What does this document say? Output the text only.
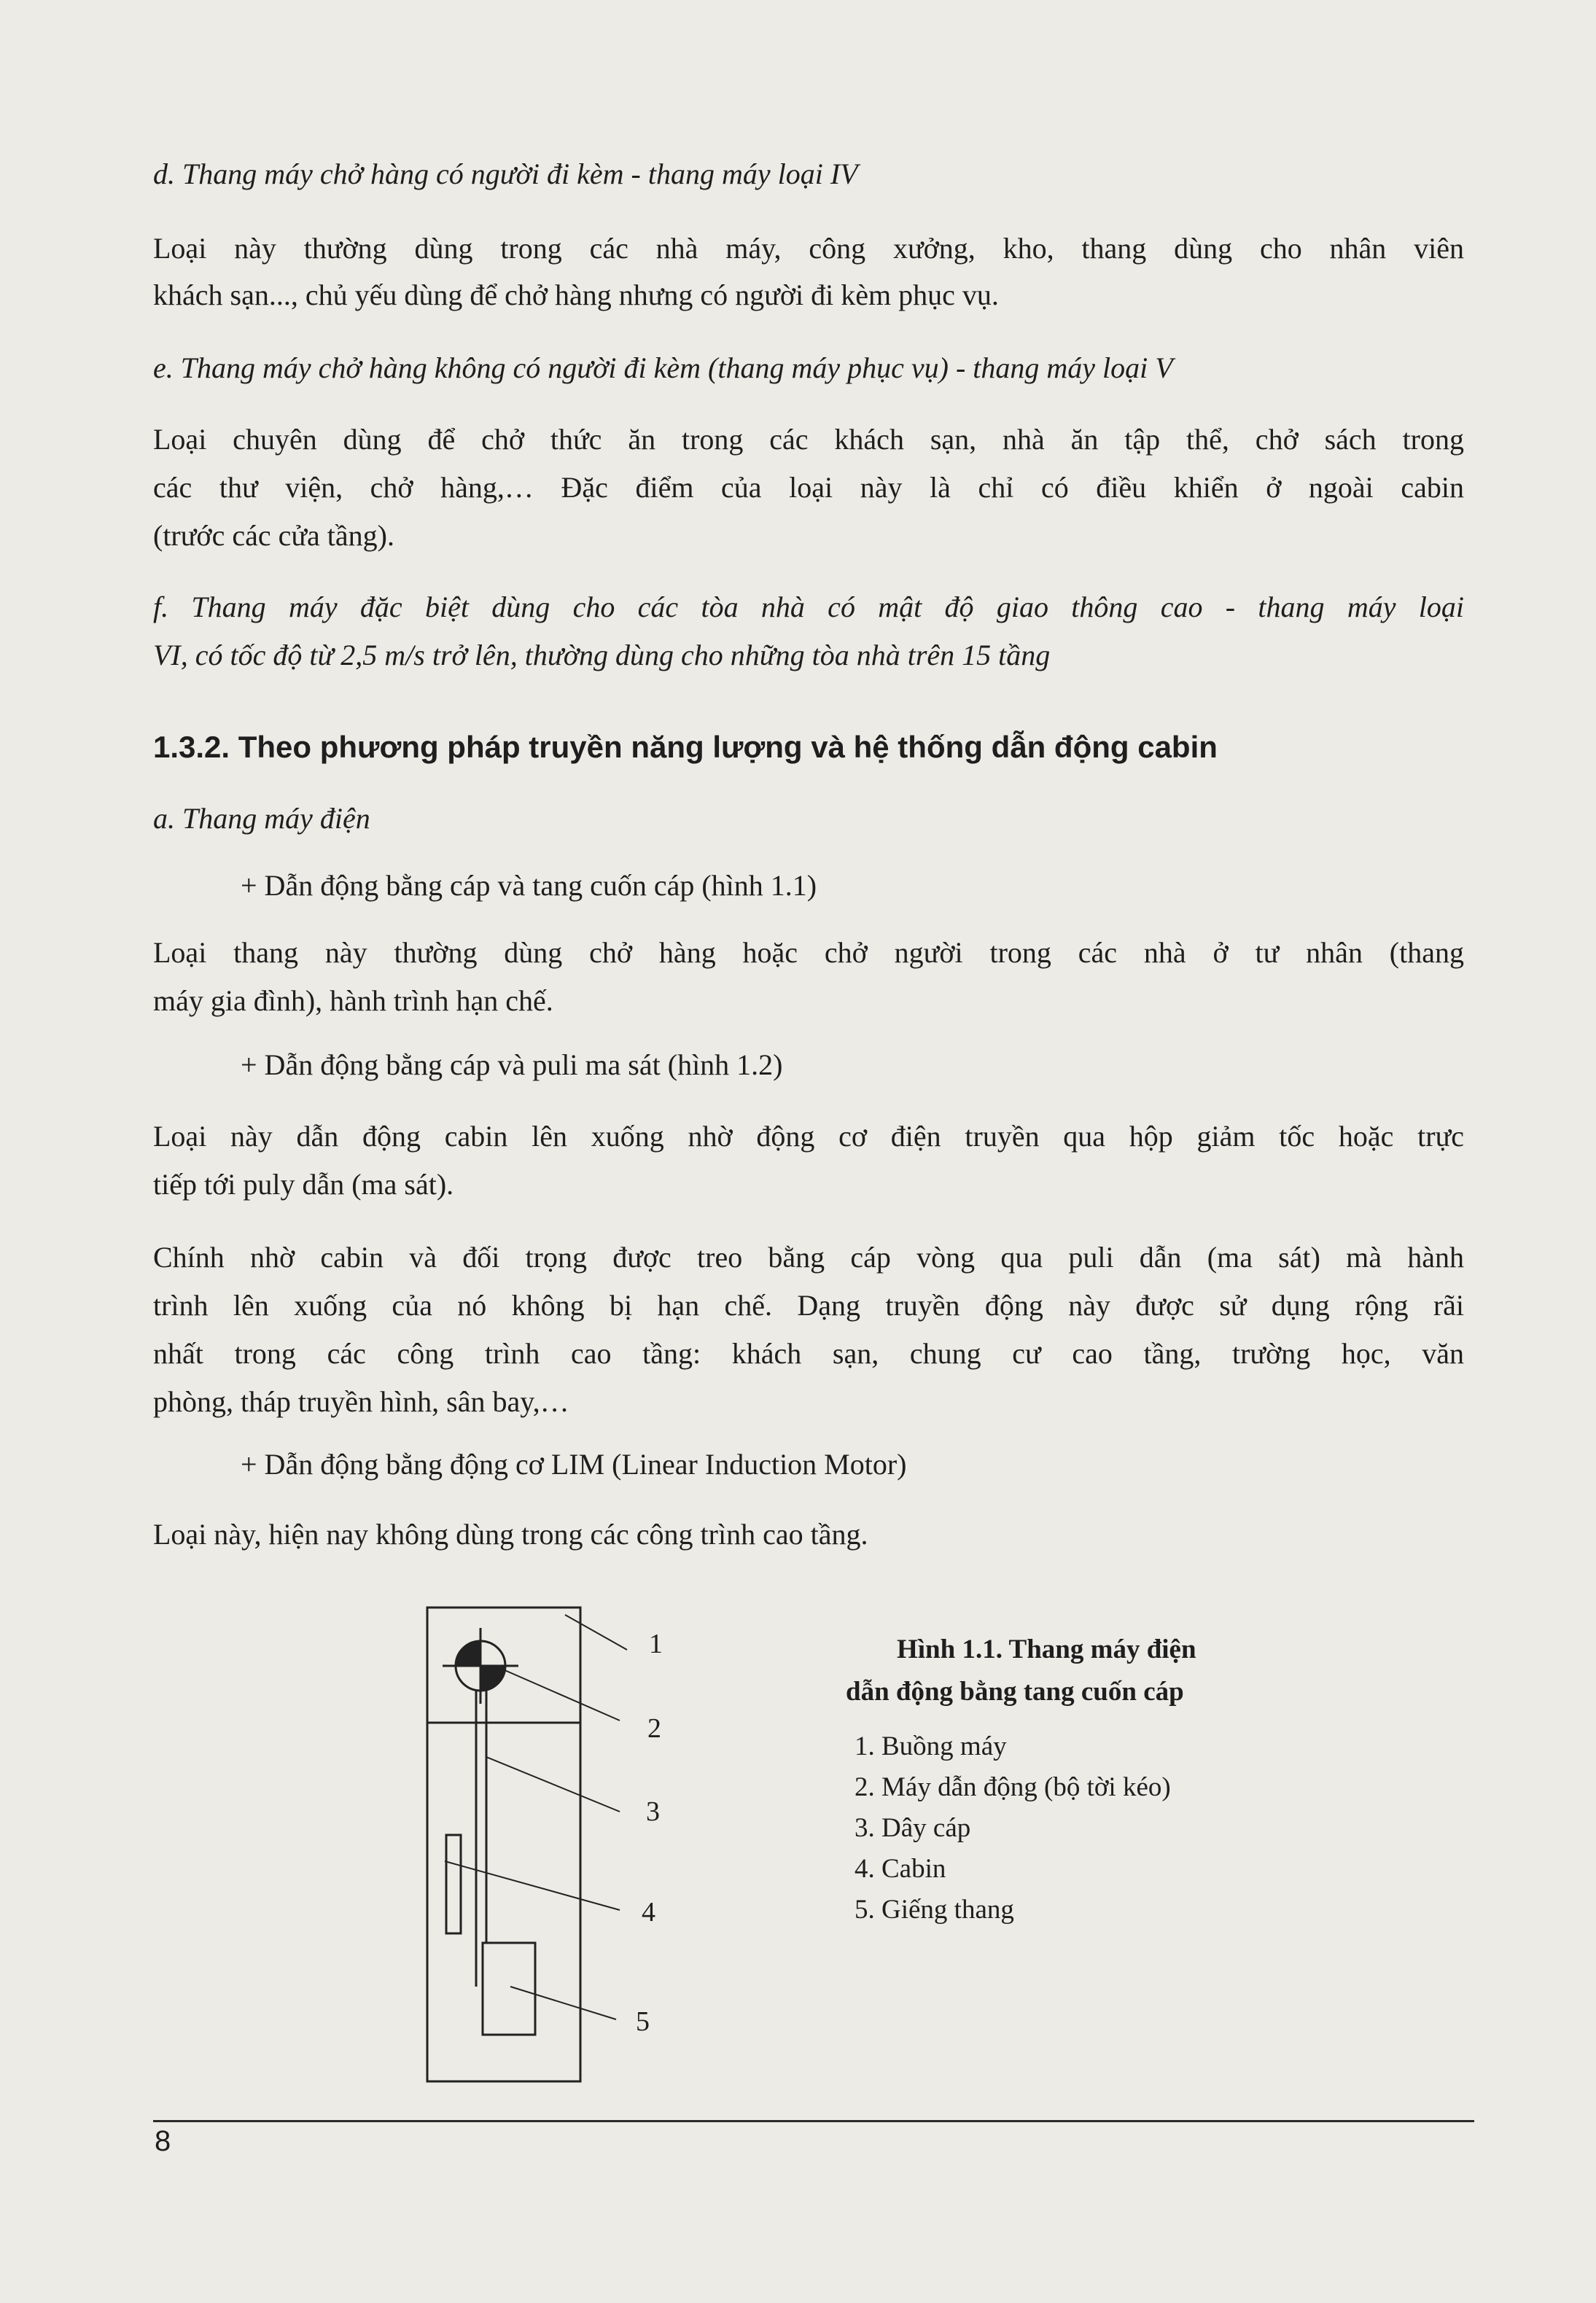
d. Thang máy chở hàng có người đi kèm - thang máy loại IV

Loại này thường dùng trong các nhà máy, công xưởng, kho, thang dùng cho nhân viên

khách sạn..., chủ yếu dùng để chở hàng nhưng có người đi kèm phục vụ.

e. Thang máy chở hàng không có người đi kèm (thang máy phục vụ) - thang máy loại V

Loại chuyên dùng để chở thức ăn trong các khách sạn, nhà ăn tập thể, chở sách trong

các thư viện, chở hàng,… Đặc điểm của loại này là chỉ có điều khiển ở ngoài cabin

(trước các cửa tầng).

f. Thang máy đặc biệt dùng cho các tòa nhà có mật độ giao thông cao - thang máy loại

VI, có tốc độ từ 2,5 m/s trở lên, thường dùng cho những tòa nhà trên 15 tầng

1.3.2. Theo phương pháp truyền năng lượng và hệ thống dẫn động cabin

a. Thang máy điện

+ Dẫn động bằng cáp và tang cuốn cáp (hình 1.1)

Loại thang này thường dùng chở hàng hoặc chở người trong các nhà ở tư nhân (thang

máy gia đình), hành trình hạn chế.

+ Dẫn động bằng cáp và puli ma sát (hình 1.2)

Loại này dẫn động cabin lên xuống nhờ động cơ điện truyền qua hộp giảm tốc hoặc trực

tiếp tới puly dẫn (ma sát).

Chính nhờ cabin và đối trọng được treo bằng cáp vòng qua puli dẫn (ma sát) mà hành

trình lên xuống của nó không bị hạn chế. Dạng truyền động này được sử dụng rộng rãi

nhất trong các công trình cao tầng: khách sạn, chung cư cao tầng, trường học, văn

phòng, tháp truyền hình, sân bay,…

+ Dẫn động bằng động cơ LIM (Linear Induction Motor)

Loại này, hiện nay không dùng trong các công trình cao tầng.

1
2
3
4
5

Hình 1.1. Thang máy điện

dẫn động bằng tang cuốn cáp

1. Buồng máy

2. Máy dẫn động (bộ tời kéo)

3. Dây cáp

4. Cabin

5. Giếng thang

8
